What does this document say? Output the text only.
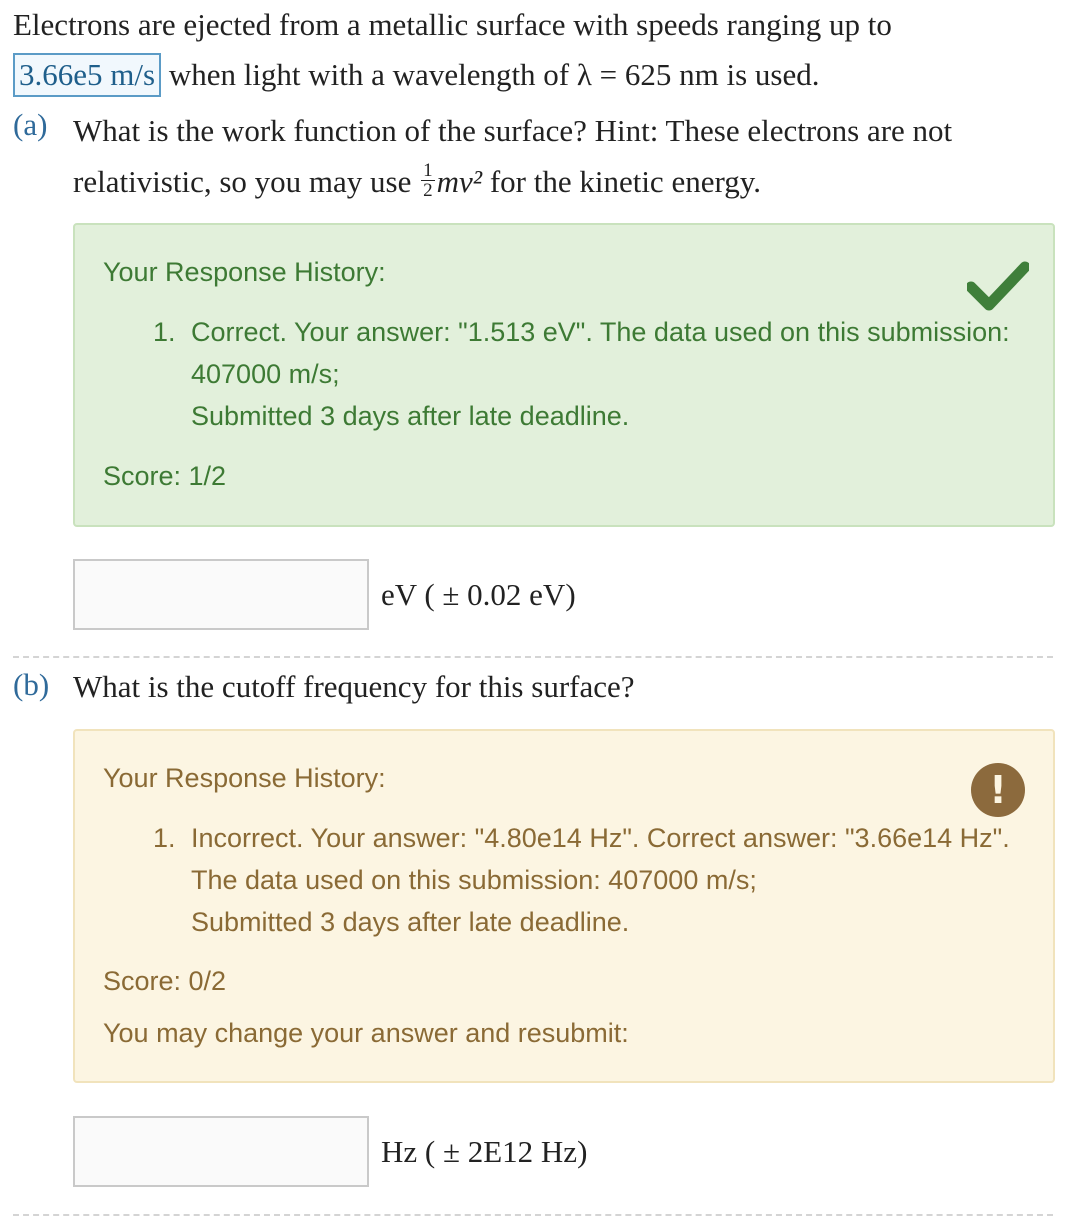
Electrons are ejected from a metallic surface with speeds ranging up to
3.66e5 m/s when light with a wavelength of λ = 625 nm is used.
(a) What is the work function of the surface? Hint: These electrons are not relativistic, so you may use $\frac{1}{2} mv^2$ for the kinetic energy.
Your Response History:
1. Correct. Your answer: "1.513 eV". The data used on this submission: 407000 m/s;
Submitted 3 days after late deadline.
Score: 1/2
eV ( ± 0.02 eV)
(b) What is the cutoff frequency for this surface?
Your Response History:	!
1. Incorrect. Your answer: "4.80e14 Hz". Correct answer: "3.66e14 Hz". The data used on this submission: 407000 m/s;
Submitted 3 days after late deadline.
Score: 0/2
You may change your answer and resubmit:
Hz ( ± 2E12 Hz)
